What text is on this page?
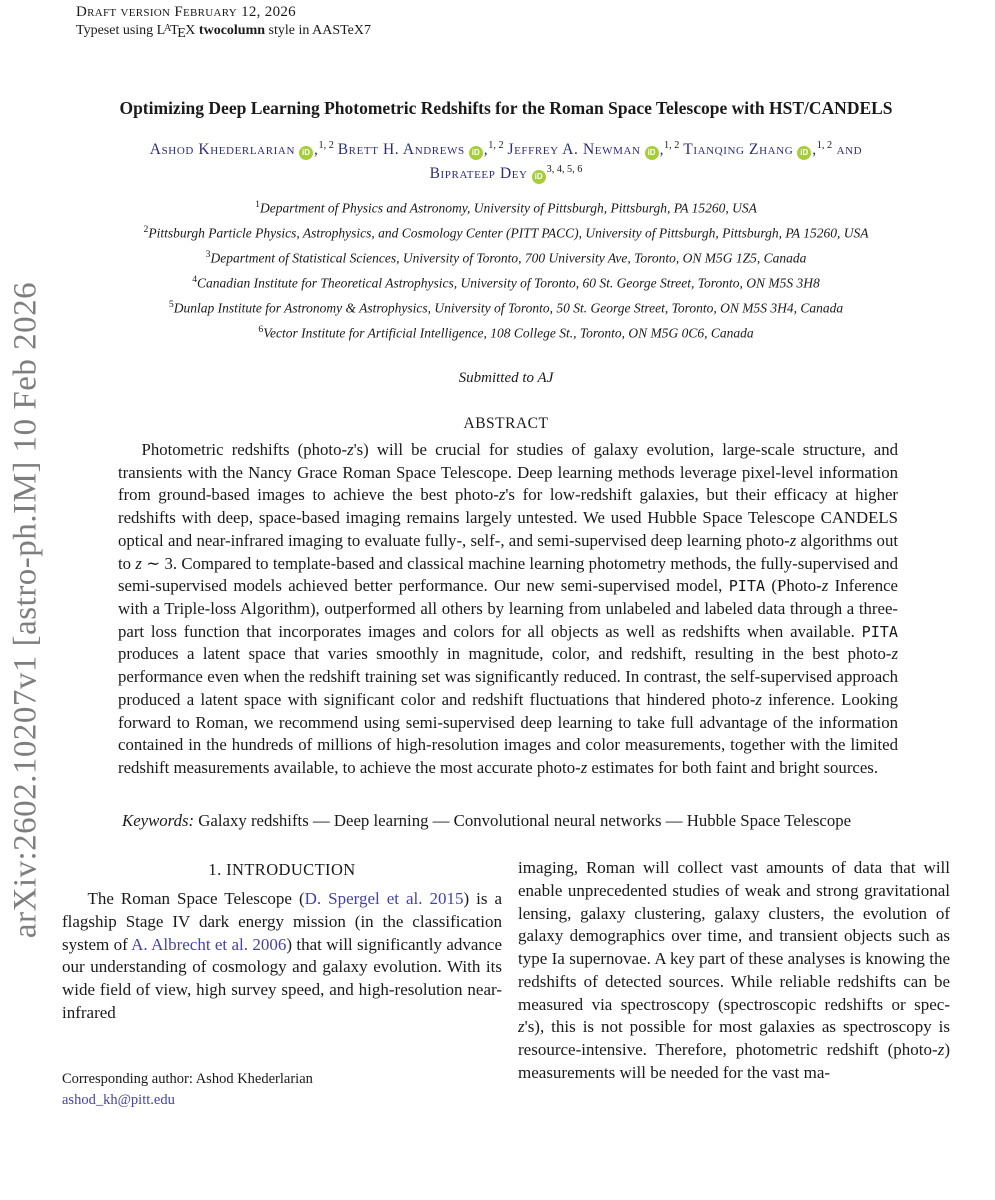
arXiv:2602.10207v1 [astro-ph.IM] 10 Feb 2026
Draft version February 12, 2026
Typeset using $L^ATEX$ twocolumn style in AASTeX7
Optimizing Deep Learning Photometric Redshifts for the Roman Space Telescope with HST/CANDELS
Ashod Khederlarian iD ,$^{1, 2}$ Brett H. Andrews iD ,$^{1, 2}$ Jeffrey A. Newman iD ,$^{1, 2}$ Tianqing Zhang iD ,$^{1, 2}$ and
Biprateep DeyiD $^{3, 4, 5, 6}$
$^1$Department of Physics and Astronomy, University of Pittsburgh, Pittsburgh, PA 15260, USA
$^2$Pittsburgh Particle Physics, Astrophysics, and Cosmology Center (PITT PACC), University of Pittsburgh, Pittsburgh, PA 15260, USA
$^3$Department of Statistical Sciences, University of Toronto, 700 University Ave, Toronto, ON M5G 1Z5, Canada
$^4$Canadian Institute for Theoretical Astrophysics, University of Toronto, 60 St. George Street, Toronto, ON M5S 3H8
$^5$Dunlap Institute for Astronomy & Astrophysics, University of Toronto, 50 St. George Street, Toronto, ON M5S 3H4, Canada
$^6$Vector Institute for Artificial Intelligence, 108 College St., Toronto, ON M5G 0C6, Canada
Submitted to AJ
ABSTRACT
Photometric redshifts (photo-z's) will be crucial for studies of galaxy evolution, large-scale structure, and transients with the Nancy Grace Roman Space Telescope. Deep learning methods leverage pixel-level information from ground-based images to achieve the best photo-z's for low-redshift galaxies, but their efficacy at higher redshifts with deep, space-based imaging remains largely untested. We used Hubble Space Telescope CANDELS optical and near-infrared imaging to evaluate fully-, self-, and semi-supervised deep learning photo-z algorithms out to z ∼ 3. Compared to template-based and classical machine learning photometry methods, the fully-supervised and semi-supervised models achieved better performance. Our new semi-supervised model, PITA (Photo-z Inference with a Triple-loss Algorithm), outperformed all others by learning from unlabeled and labeled data through a three-part loss function that incorporates images and colors for all objects as well as redshifts when available. PITA produces a latent space that varies smoothly in magnitude, color, and redshift, resulting in the best photo-z performance even when the redshift training set was significantly reduced. In contrast, the self-supervised approach produced a latent space with significant color and redshift fluctuations that hindered photo-z inference. Looking forward to Roman, we recommend using semi-supervised deep learning to take full advantage of the information contained in the hundreds of millions of high-resolution images and color measurements, together with the limited redshift measurements available, to achieve the most accurate photo-z estimates for both faint and bright sources.
Keywords: Galaxy redshifts — Deep learning — Convolutional neural networks — Hubble Space Telescope
1. INTRODUCTION
The Roman Space Telescope (D. Spergel et al. 2015) is a flagship Stage IV dark energy mission (in the classification system of A. Albrecht et al. 2006) that will significantly advance our understanding of cosmology and galaxy evolution. With its wide field of view, high survey speed, and high-resolution near-infrared
Corresponding author: Ashod Khederlarian
ashod_kh@pitt.edu
imaging, Roman will collect vast amounts of data that will enable unprecedented studies of weak and strong gravitational lensing, galaxy clustering, galaxy clusters, the evolution of galaxy demographics over time, and transient objects such as type Ia supernovae. A key part of these analyses is knowing the redshifts of detected sources. While reliable redshifts can be measured via spectroscopy (spectroscopic redshifts or spec-z's), this is not possible for most galaxies as spectroscopy is resource-intensive. Therefore, photometric redshift (photo-z) measurements will be needed for the vast ma-
